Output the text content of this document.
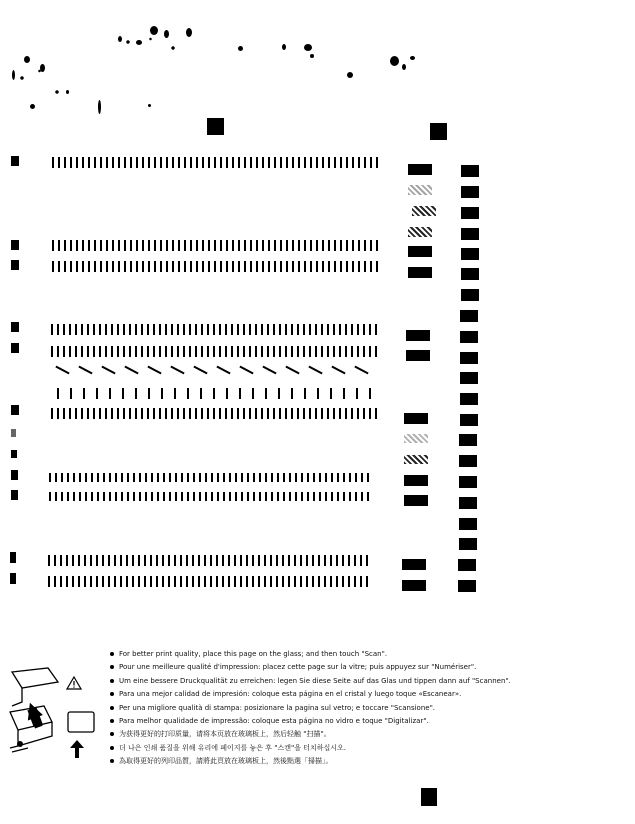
For better print quality, place this page on the glass; and then touch "Scan".
Pour une meilleure qualité d'impression: placez cette page sur la vitre; puis appuyez sur "Numériser".
Um eine bessere Druckqualität zu erreichen: legen Sie diese Seite auf das Glas und tippen dann auf "Scannen".
Para una mejor calidad de impresión: coloque esta página en el cristal y luego toque «Escanear».
Per una migliore qualità di stampa: posizionare la pagina sul vetro; e toccare "Scansione".
Para melhor qualidade de impressão: coloque esta página no vidro e toque "Digitalizar".
为获得更好的打印质量，请将本页放在玻璃板上，然后轻触 "扫描"。
더 나은 인쇄 품질을 위해 유리에 페이지를 놓은 후 "스캔"을 터치하십시오.
為取得更好的列印品質，請將此頁放在玻璃板上，然後點選「掃描」。
